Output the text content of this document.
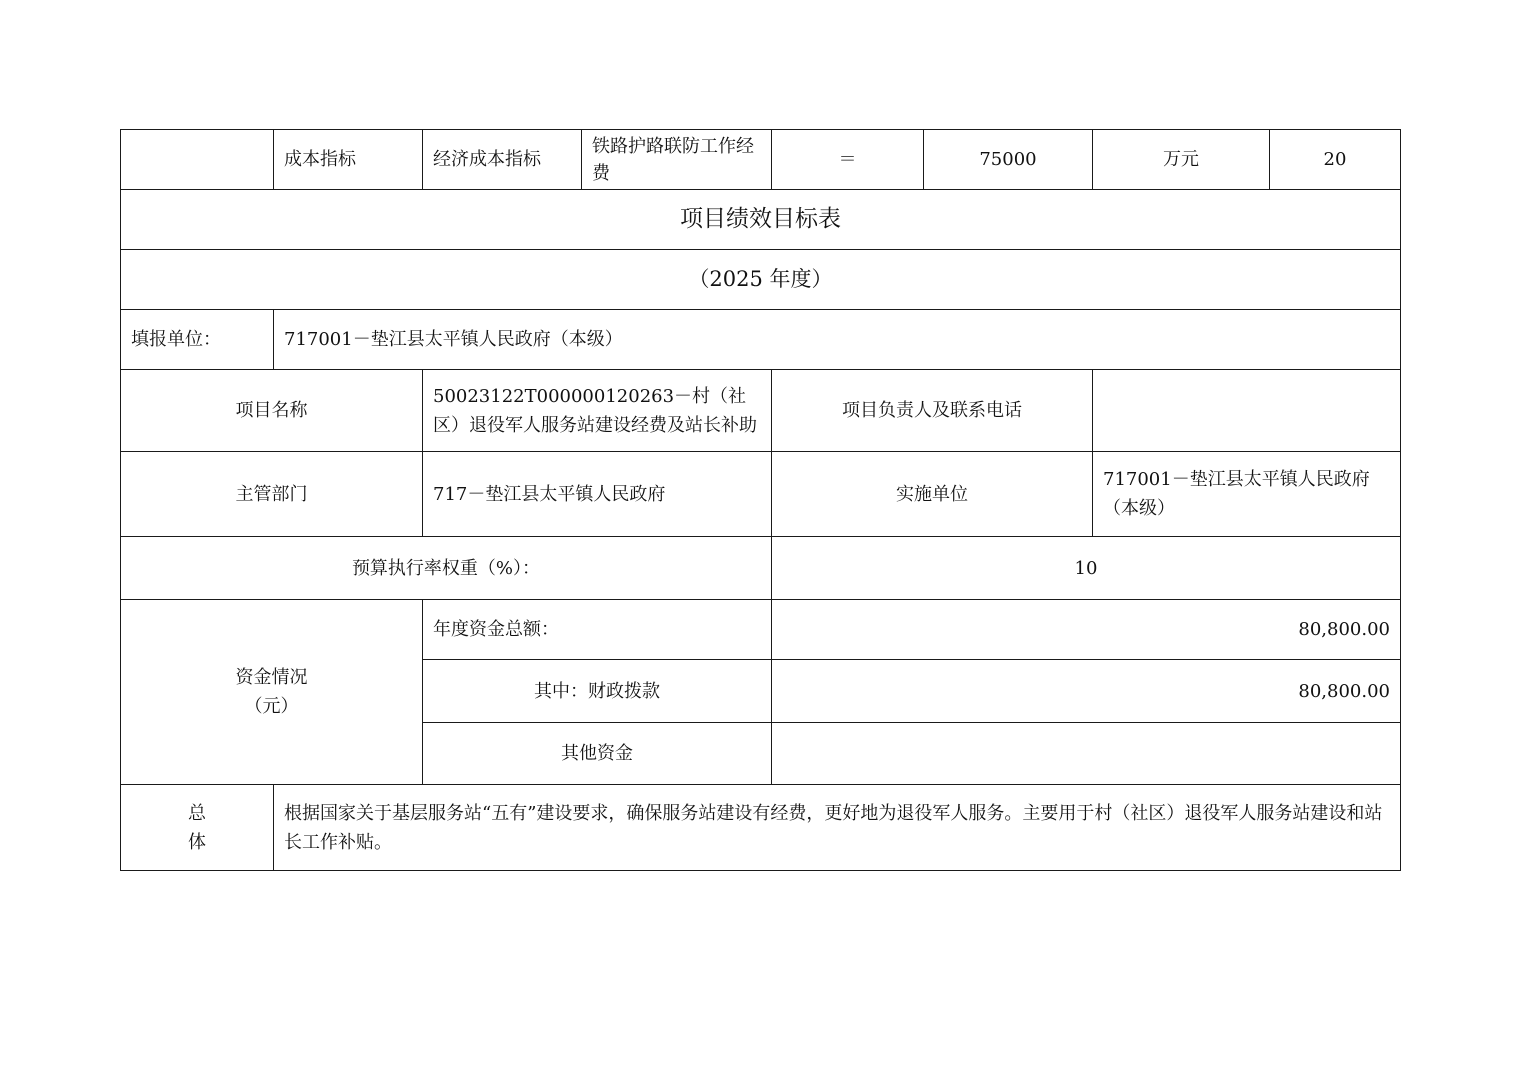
	成本指标	经济成本指标	铁路护路联防工作经费	＝	75000	万元	20
项目绩效目标表							
（2025 年度）							
填报单位：	717001－垫江县太平镇人民政府（本级）						
项目名称		50023122T000000120263－村（社区）退役军人服务站建设经费及站长补助		项目负责人及联系电话			
主管部门		717－垫江县太平镇人民政府		实施单位		717001－垫江县太平镇人民政府（本级）	
预算执行率权重（%）：				10			

资金情况
（元）		年度资金总额：		80,800.00			
		其中：财政拨款		80,800.00			
		其他资金					

总
体	根据国家关于基层服务站“五有”建设要求，确保服务站建设有经费，更好地为退役军人服务。主要用于村（社区）退役军人服务站建设和站长工作补贴。						
